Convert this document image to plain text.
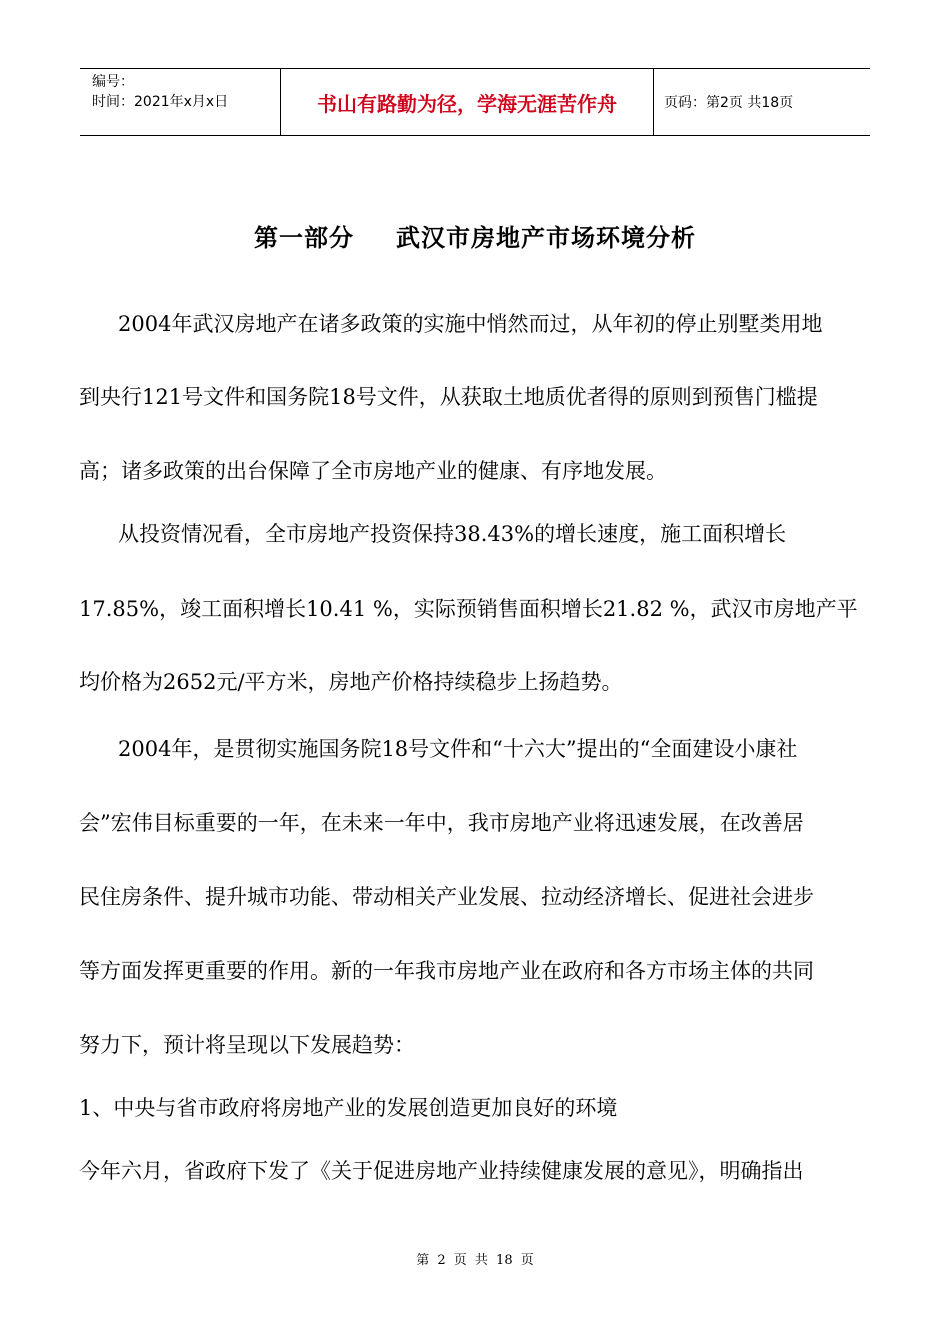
编号：
时间：2021年x月x日	书山有路勤为径，学海无涯苦作舟	页码：第2页 共18页
第一部分 武汉市房地产市场环境分析
2004年武汉房地产在诸多政策的实施中悄然而过，从年初的停止别墅类用地
到央行121号文件和国务院18号文件，从获取土地质优者得的原则到预售门槛提
高；诸多政策的出台保障了全市房地产业的健康、有序地发展。
从投资情况看，全市房地产投资保持38.43%的增长速度，施工面积增长
17.85%，竣工面积增长10.41 %，实际预销售面积增长21.82 %，武汉市房地产平
均价格为2652元/平方米，房地产价格持续稳步上扬趋势。
2004年，是贯彻实施国务院18号文件和“十六大”提出的“全面建设小康社
会”宏伟目标重要的一年，在未来一年中，我市房地产业将迅速发展，在改善居
民住房条件、提升城市功能、带动相关产业发展、拉动经济增长、促进社会进步
等方面发挥更重要的作用。新的一年我市房地产业在政府和各方市场主体的共同
努力下，预计将呈现以下发展趋势：
1、中央与省市政府将房地产业的发展创造更加良好的环境
今年六月，省政府下发了《关于促进房地产业持续健康发展的意见》，明确指出
第 2 页 共 18 页
